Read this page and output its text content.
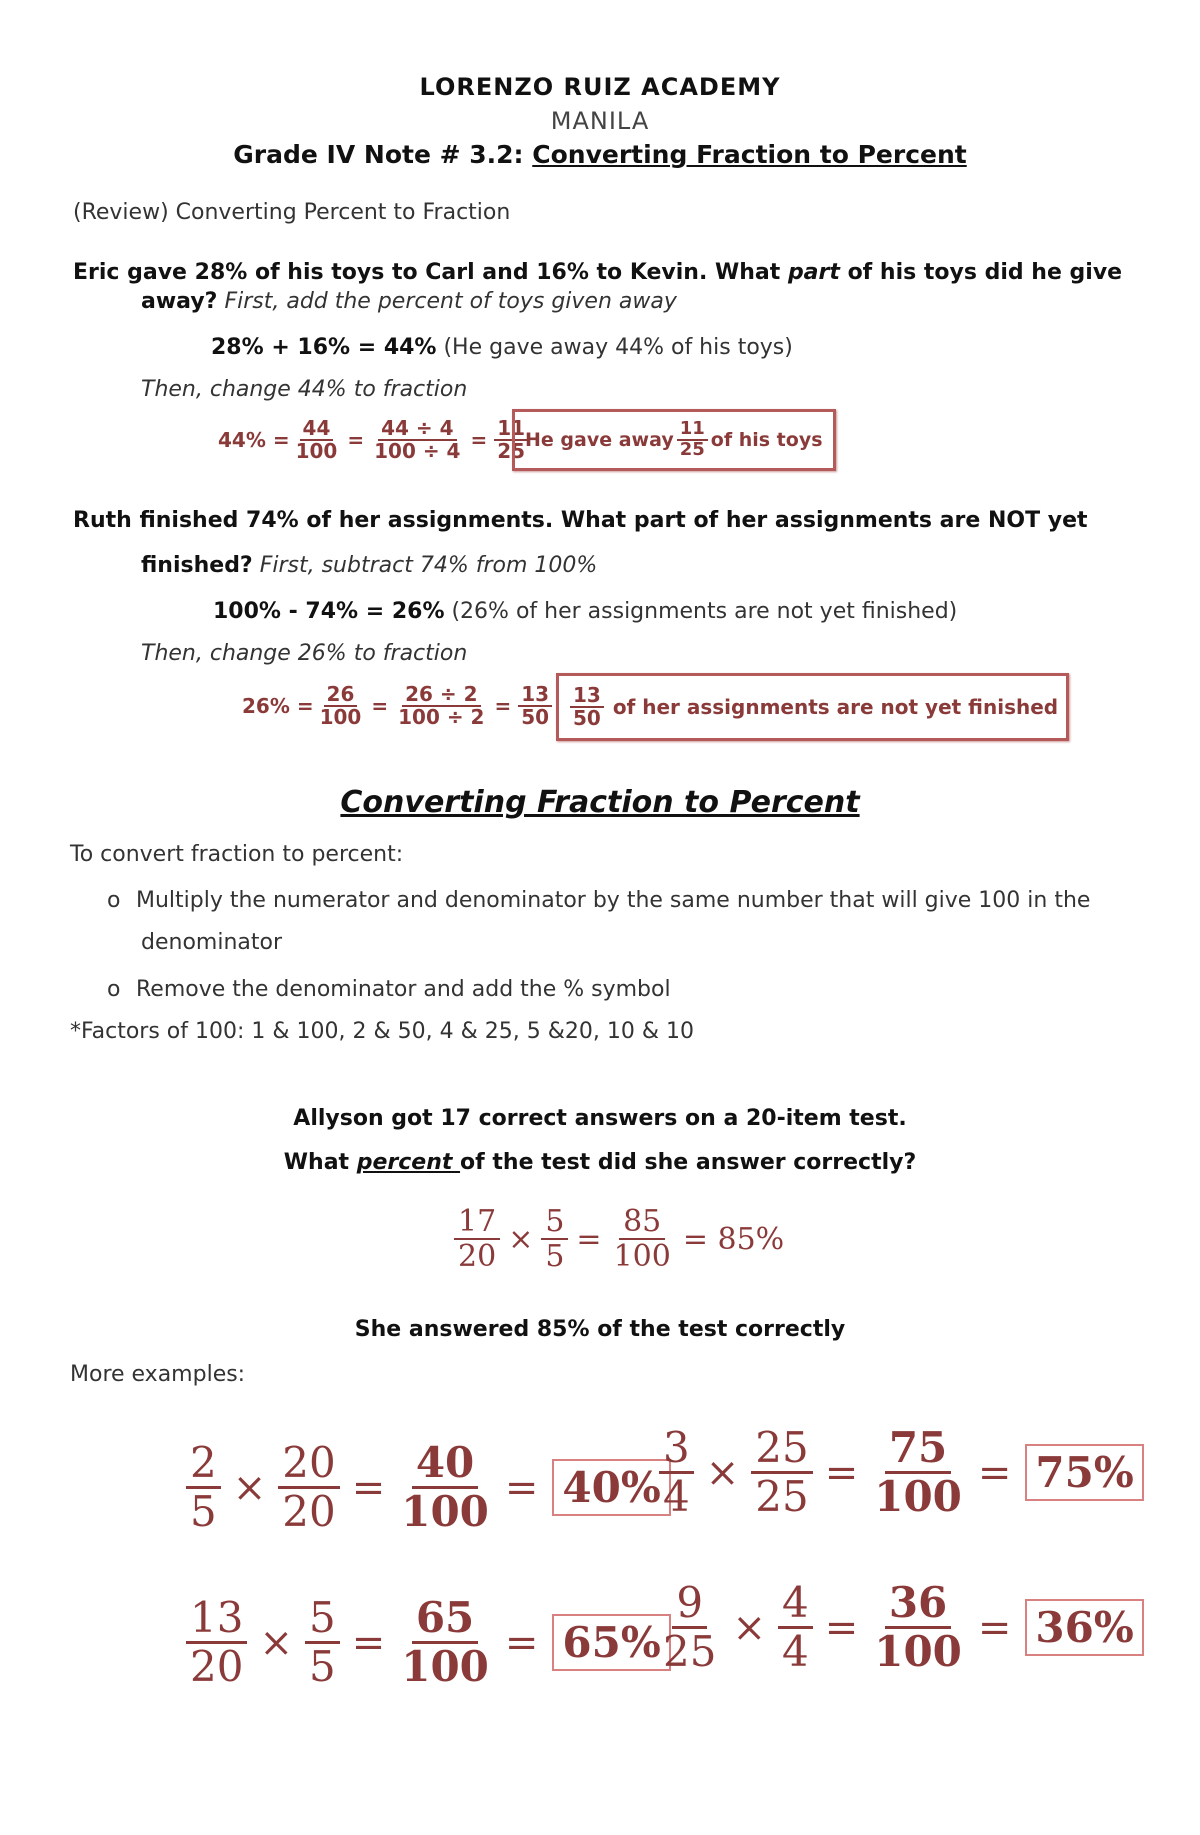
LORENZO RUIZ ACADEMY
MANILA
Grade IV Note # 3.2: Converting Fraction to Percent
(Review) Converting Percent to Fraction
Eric gave 28% of his toys to Carl and 16% to Kevin. What part of his toys did he give
away? First, add the percent of toys given away
28% + 16% = 44% (He gave away 44% of his toys)
Then, change 44% to fraction
$44\% = \frac{44}{100} = \frac{44 \div 4}{100 \div 4} = \frac{11}{25}$
He gave away $\frac{11}{25}$ of his toys
Ruth finished 74% of her assignments. What part of her assignments are NOT yet
finished? First, subtract 74% from 100%
100% - 74% = 26% (26% of her assignments are not yet finished)
Then, change 26% to fraction
$26\% = \frac{26}{100} = \frac{26 \div 2}{100 \div 2} = \frac{13}{50} \frac{13}{50}$ of her assignments are not yet finished
Converting Fraction to Percent
To convert fraction to percent:
o Multiply the numerator and denominator by the same number that will give 100 in the
denominator
o Remove the denominator and add the % symbol
*Factors of 100: 1 & 100, 2 & 50, 4 & 25, 5 &20, 10 & 10
Allyson got 17 correct answers on a 20-item test.
What percent of the test did she answer correctly?
$\frac{17}{20} \times \frac{5}{5} = \frac{85}{100} = 85\%$
She answered 85% of the test correctly
More examples:
$\frac{2}{5} \times \frac{20}{20} = \frac{40}{100} = 40\%$
$\frac{3}{4} \times \frac{25}{25} = \frac{75}{100} = 75\%$
$\frac{13}{20} \times \frac{5}{5} = \frac{65}{100} = 65\%$
$\frac{9}{25} \times \frac{4}{4} = \frac{36}{100} = 36\%$
